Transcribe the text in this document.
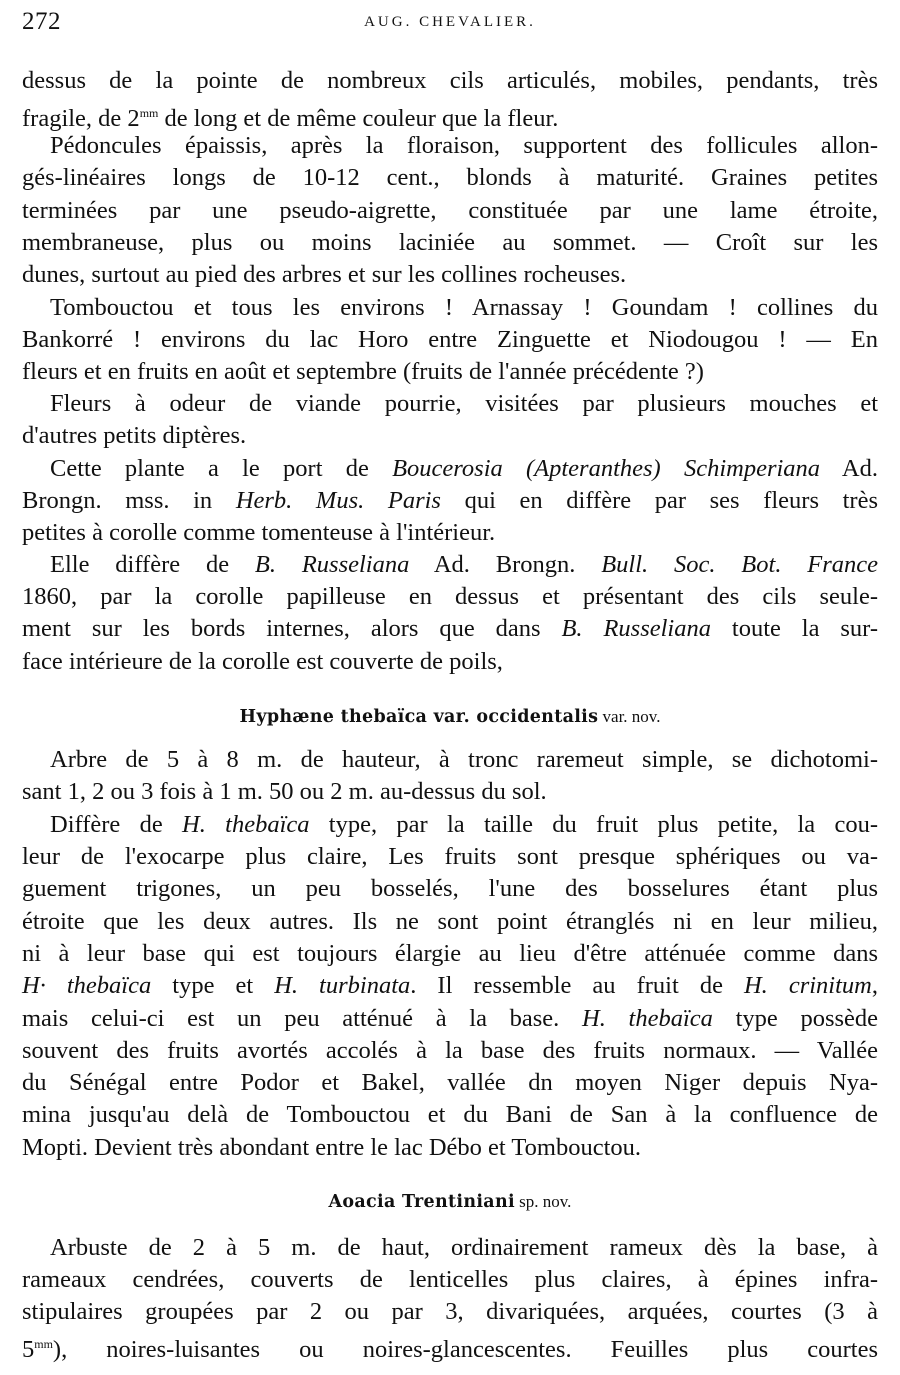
272	AUG. CHEVALIER.
dessus de la pointe de nombreux cils articulés, mobiles, pendants, très
fragile, de $2^{mm}$ de long et de même couleur que la fleur.
Pédoncules épaissis, après la floraison, supportent des follicules allon-
gés-linéaires longs de 10-12 cent., blonds à maturité. Graines petites
terminées par une pseudo-aigrette, constituée par une lame étroite,
membraneuse, plus ou moins laciniée au sommet. — Croît sur les
dunes, surtout au pied des arbres et sur les collines rocheuses.
Tombouctou et tous les environs ! Arnassay ! Goundam ! collines du
Bankorré ! environs du lac Horo entre Zinguette et Niodougou ! — En
fleurs et en fruits en août et septembre (fruits de l'année précédente ?)
Fleurs à odeur de viande pourrie, visitées par plusieurs mouches et
d'autres petits diptères.
Cette plante a le port de Boucerosia (Apteranthes) Schimperiana Ad.
Brongn. mss. in Herb. Mus. Paris qui en diffère par ses fleurs très
petites à corolle comme tomenteuse à l'intérieur.
Elle diffère de B. Russeliana Ad. Brongn. Bull. Soc. Bot. France
1860, par la corolle papilleuse en dessus et présentant des cils seule-
ment sur les bords internes, alors que dans B. Russeliana toute la sur-
face intérieure de la corolle est couverte de poils,
Hyphæne thebaïca var. occidentalis var. nov.
Arbre de 5 à 8 m. de hauteur, à tronc raremeut simple, se dichotomi-
sant 1, 2 ou 3 fois à 1 m. 50 ou 2 m. au-dessus du sol.
Diffère de H. thebaïca type, par la taille du fruit plus petite, la cou-
leur de l'exocarpe plus claire, Les fruits sont presque sphériques ou va-
guement trigones, un peu bosselés, l'une des bosselures étant plus
étroite que les deux autres. Ils ne sont point étranglés ni en leur milieu,
ni à leur base qui est toujours élargie au lieu d'être atténuée comme dans
H· thebaïca type et H. turbinata. Il ressemble au fruit de H. crinitum,
mais celui-ci est un peu atténué à la base. H. thebaïca type possède
souvent des fruits avortés accolés à la base des fruits normaux. — Vallée
du Sénégal entre Podor et Bakel, vallée dn moyen Niger depuis Nya-
mina jusqu'au delà de Tombouctou et du Bani de San à la confluence de
Mopti. Devient très abondant entre le lac Débo et Tombouctou.
Aoacia Trentiniani sp. nov.
Arbuste de 2 à 5 m. de haut, ordinairement rameux dès la base, à
rameaux cendrées, couverts de lenticelles plus claires, à épines infra-
stipulaires groupées par 2 ou par 3, divariquées, arquées, courtes (3 à
$5^{mm}$), noires-luisantes ou noires-glancescentes. Feuilles plus courtes
